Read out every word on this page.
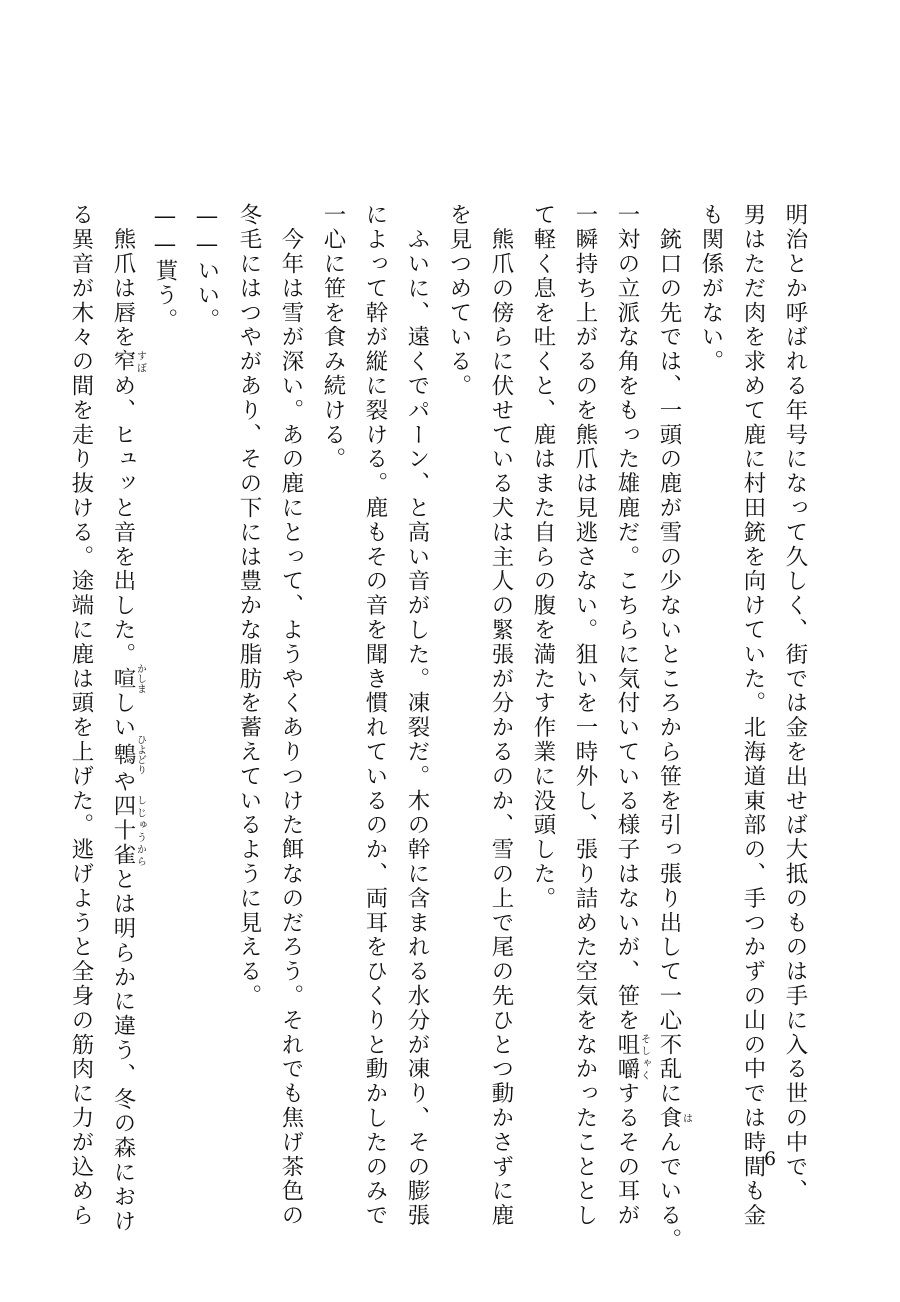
明治とか呼ばれる年号になって久しく、街では金を出せば大抵のものは手に入る世の中で、
男はただ肉を求めて鹿に村田銃を向けていた。北海道東部の、手つかずの山の中では時間も金
も関係がない。
　銃口の先では、一頭の鹿が雪の少ないところから笹を引っ張り出して一心不乱に食はんでいる。
一対の立派な角をもった雄鹿だ。こちらに気付いている様子はないが、笹を咀嚼そしゃくするその耳が
一瞬持ち上がるのを熊爪は見逃さない。狙いを一時外し、張り詰めた空気をなかったこととし
て軽く息を吐くと、鹿はまた自らの腹を満たす作業に没頭した。
　熊爪の傍らに伏せている犬は主人の緊張が分かるのか、雪の上で尾の先ひとつ動かさずに鹿
を見つめている。
　ふいに、遠くでパーン、と高い音がした。凍裂だ。木の幹に含まれる水分が凍り、その膨張
によって幹が縦に裂ける。鹿もその音を聞き慣れているのか、両耳をひくりと動かしたのみで
一心に笹を食み続ける。
　今年は雪が深い。あの鹿にとって、ようやくありつけた餌なのだろう。それでも焦げ茶色の
冬毛にはつやがあり、その下には豊かな脂肪を蓄えているように見える。
——いい。
——貰う。
　熊爪は唇を窄すぼめ、ヒュッと音を出した。喧かしましい鵯ひよどりや四十雀しじゅうからとは明らかに違う、冬の森におけ
る異音が木々の間を走り抜ける。途端に鹿は頭を上げた。逃げようと全身の筋肉に力が込めら	6
